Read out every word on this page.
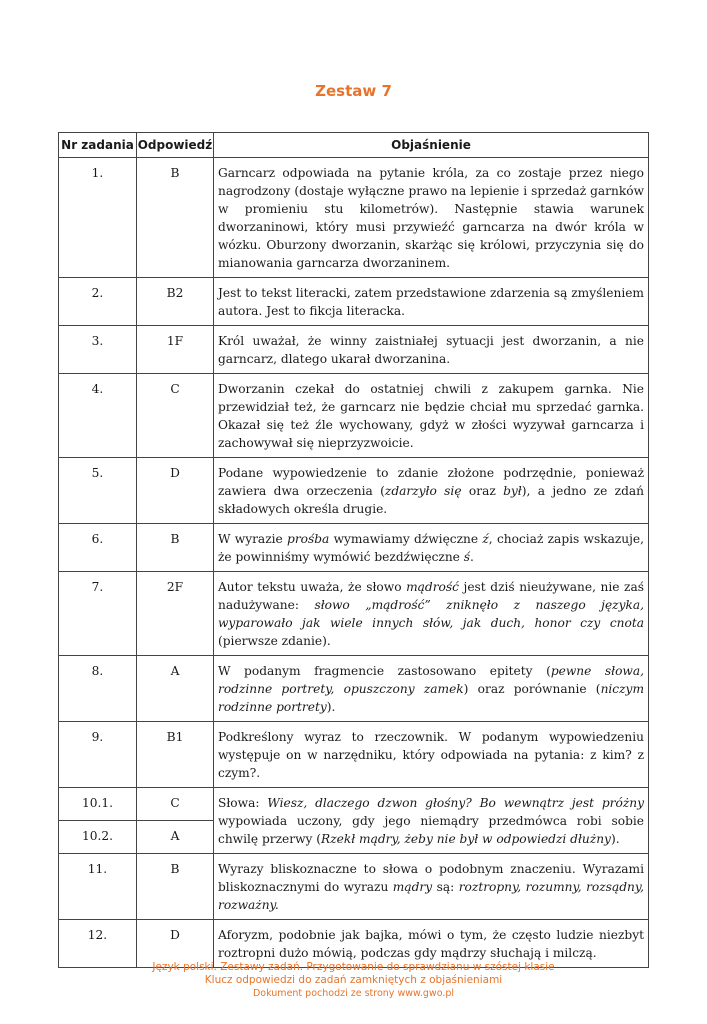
Zestaw 7
Nr zadania	Odpowiedź	Objaśnienie
1.	B	Garncarz odpowiada na pytanie króla, za co zostaje przez niego nagrodzony (dostaje wyłączne prawo na lepienie i sprzedaż garnków w promieniu stu kilometrów). Następnie stawia warunek dworzaninowi, który musi przywieźć garncarza na dwór króla w wózku. Oburzony dworzanin, skarżąc się królowi, przyczynia się do mianowania garncarza dworzaninem.
2.	B2	Jest to tekst literacki, zatem przedstawione zdarzenia są zmyśleniem autora. Jest to fikcja literacka.
3.	1F	Król uważał, że winny zaistniałej sytuacji jest dworzanin, a nie garncarz, dlatego ukarał dworzanina.
4.	C	Dworzanin czekał do ostatniej chwili z zakupem garnka. Nie przewidział też, że garncarz nie będzie chciał mu sprzedać garnka. Okazał się też źle wychowany, gdyż w złości wyzywał garncarza i zachowywał się nieprzyzwoicie.
5.	D	Podane wypowiedzenie to zdanie złożone podrzędnie, ponieważ zawiera dwa orzeczenia (zdarzyło się oraz był), a jedno ze zdań składowych określa drugie.
6.	B	W wyrazie prośba wymawiamy dźwięczne ź, chociaż zapis wskazuje, że powinniśmy wymówić bezdźwięczne ś.
7.	2F	Autor tekstu uważa, że słowo mądrość jest dziś nieużywane, nie zaś nadużywane: słowo „mądrość” zniknęło z naszego języka, wyparowało jak wiele innych słów, jak duch, honor czy cnota (pierwsze zdanie).
8.	A	W podanym fragmencie zastosowano epitety (pewne słowa, rodzinne portrety, opuszczony zamek) oraz porównanie (niczym rodzinne portrety).
9.	B1	Podkreślony wyraz to rzeczownik. W podanym wypowiedzeniu występuje on w narzędniku, który odpowiada na pytania: z kim? z czym?.
10.1.	C	Słowa: Wiesz, dlaczego dzwon głośny? Bo wewnątrz jest próżny wypowiada uczony, gdy jego niemądry przedmówca robi sobie chwilę przerwy (Rzekł mądry, żeby nie był w odpowiedzi dłużny).
10.2.	A	
11.	B	Wyrazy bliskoznaczne to słowa o podobnym znaczeniu. Wyrazami bliskoznacznymi do wyrazu mądry są: roztropny, rozumny, rozsądny, rozważny.
12.	D	Aforyzm, podobnie jak bajka, mówi o tym, że często ludzie niezbyt roztropni dużo mówią, podczas gdy mądrzy słuchają i milczą.
Język polski. Zestawy zadań. Przygotowanie do sprawdzianu w szóstej klasie
Klucz odpowiedzi do zadań zamkniętych z objaśnieniami
Dokument pochodzi ze strony www.gwo.pl
